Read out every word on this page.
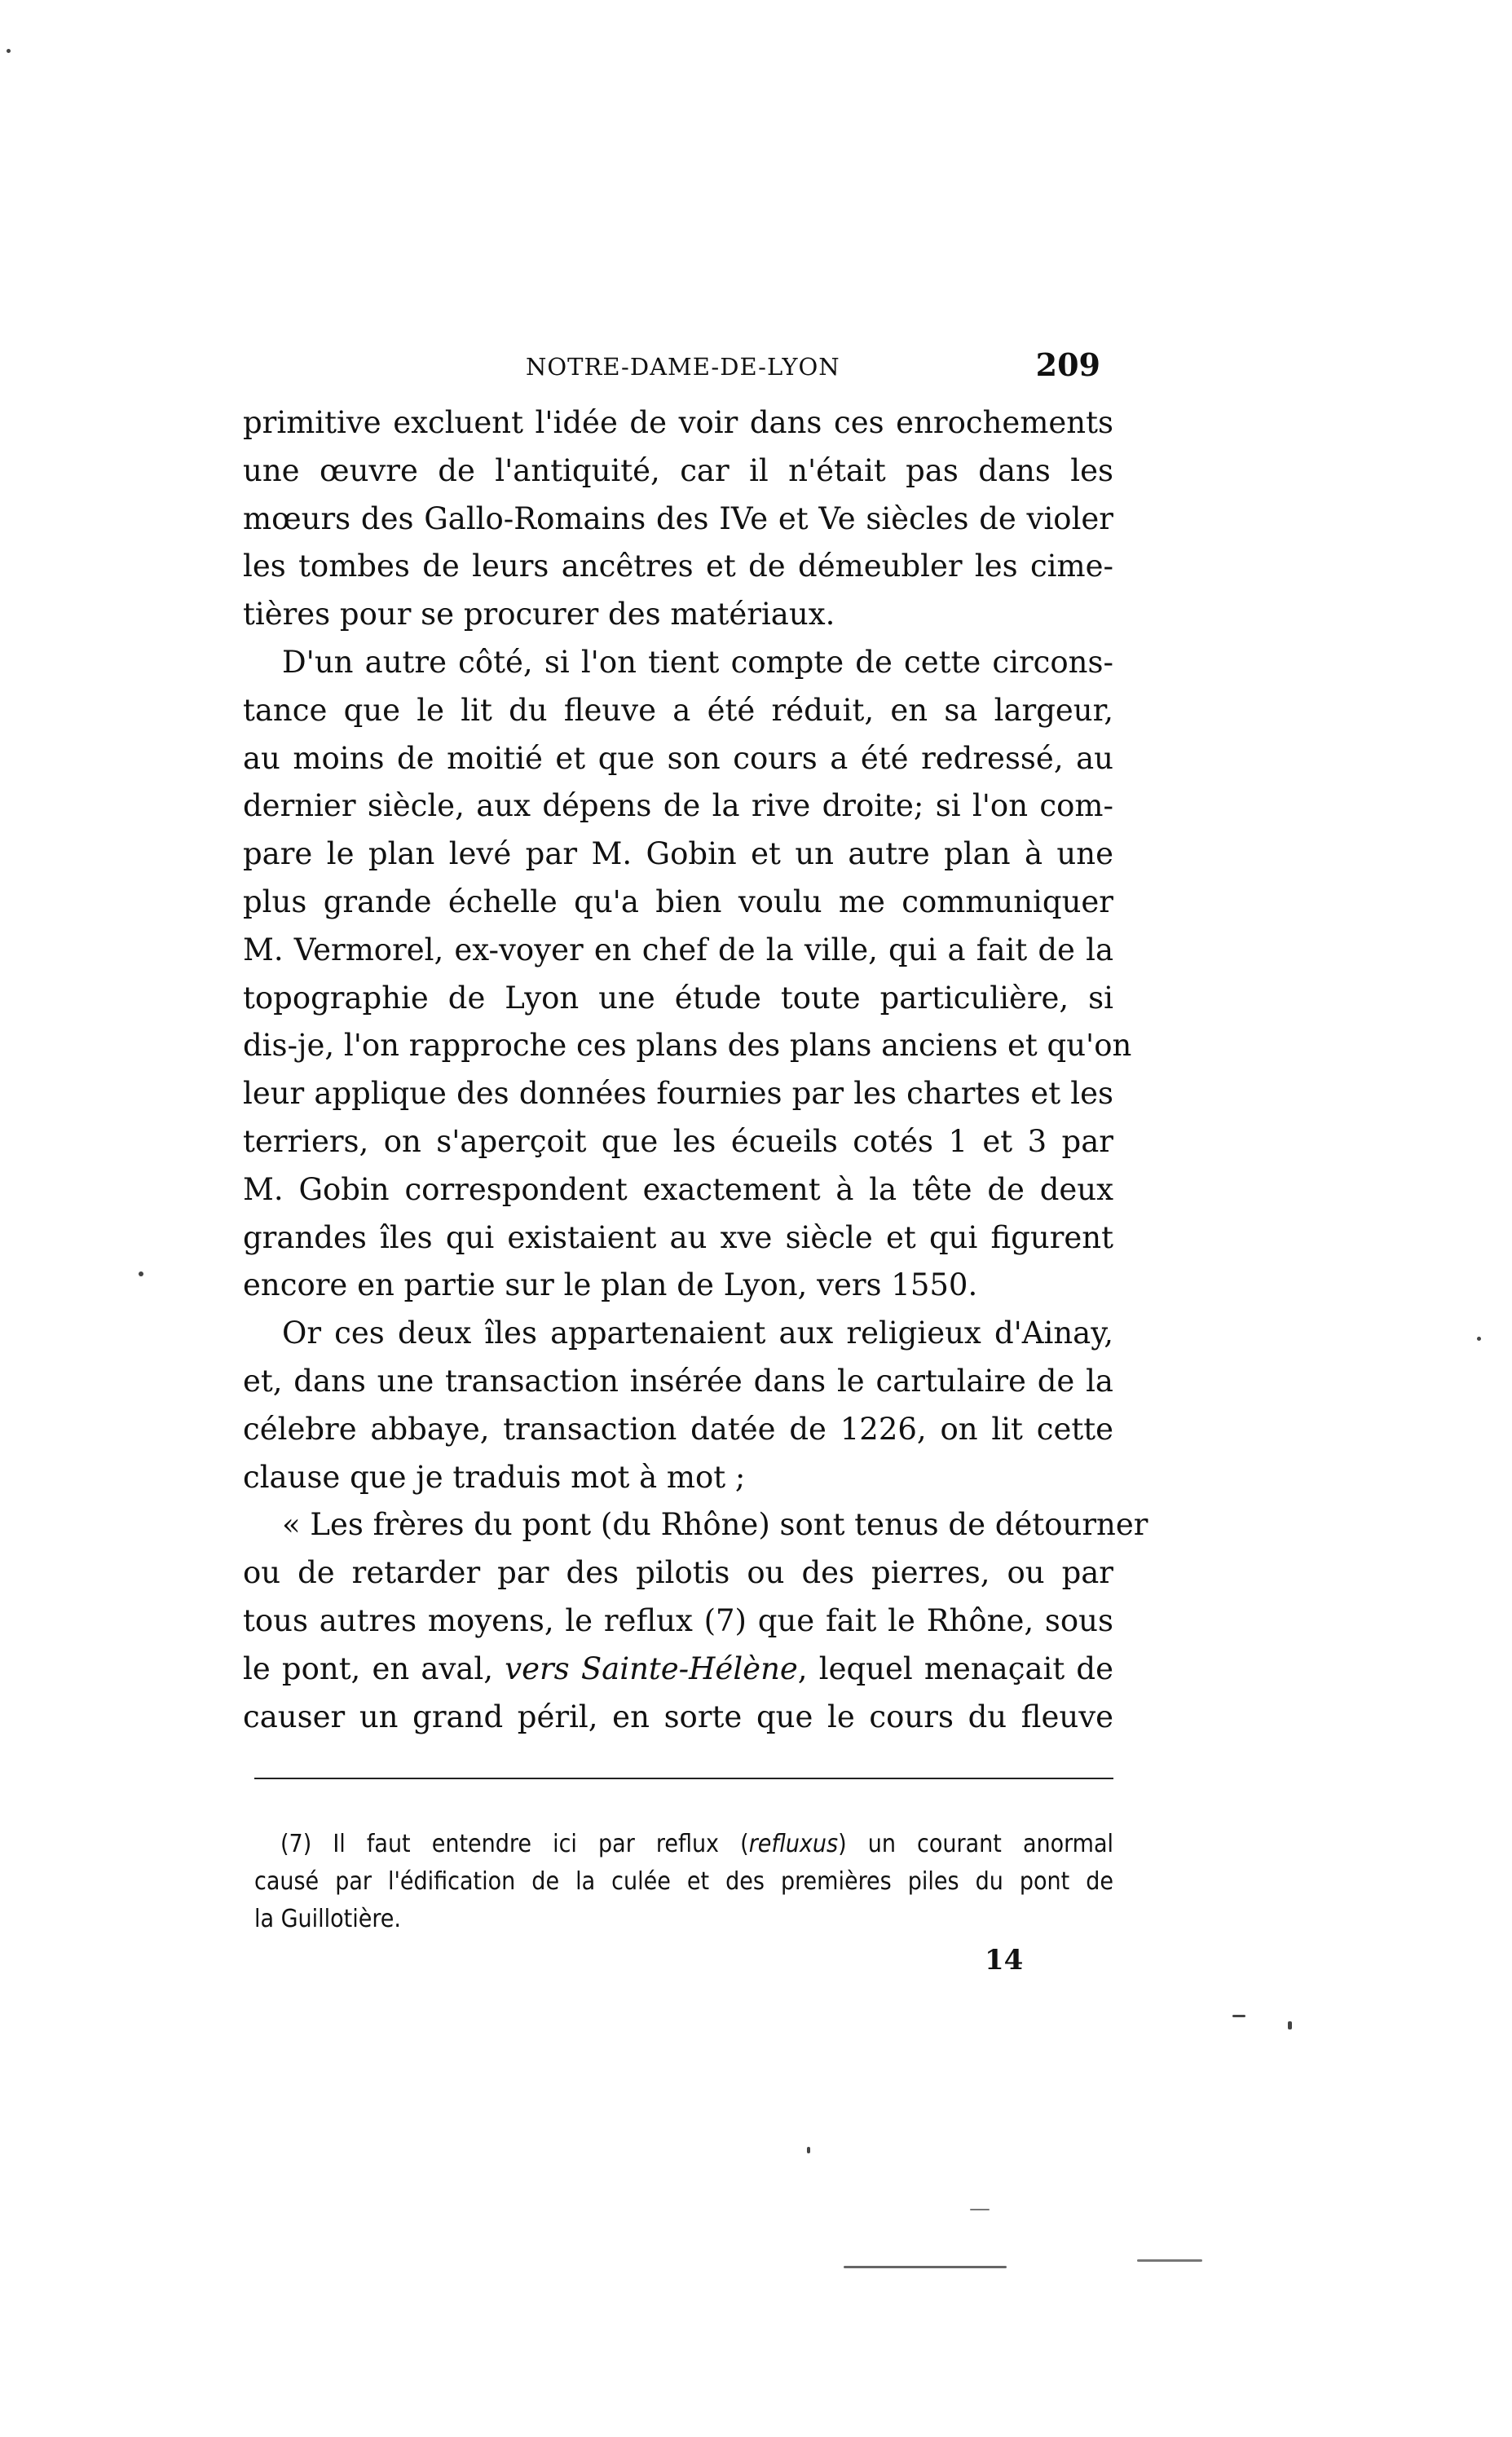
NOTRE-DAME-DE-LYON	209
primitive excluent l'idée de voir dans ces enrochements
une œuvre de l'antiquité, car il n'était pas dans les
mœurs des Gallo-Romains des IVe et Ve siècles de violer
les tombes de leurs ancêtres et de démeubler les cime-
tières pour se procurer des matériaux.
D'un autre côté, si l'on tient compte de cette circons-
tance que le lit du fleuve a été réduit, en sa largeur,
au moins de moitié et que son cours a été redressé, au
dernier siècle, aux dépens de la rive droite; si l'on com-
pare le plan levé par M. Gobin et un autre plan à une
plus grande échelle qu'a bien voulu me communiquer
M. Vermorel, ex-voyer en chef de la ville, qui a fait de la
topographie de Lyon une étude toute particulière, si
dis-je, l'on rapproche ces plans des plans anciens et qu'on
leur applique des données fournies par les chartes et les
terriers, on s'aperçoit que les écueils cotés 1 et 3 par
M. Gobin correspondent exactement à la tête de deux
grandes îles qui existaient au xve siècle et qui figurent
encore en partie sur le plan de Lyon, vers 1550.
Or ces deux îles appartenaient aux religieux d'Ainay,
et, dans une transaction insérée dans le cartulaire de la
célebre abbaye, transaction datée de 1226, on lit cette
clause que je traduis mot à mot ;
« Les frères du pont (du Rhône) sont tenus de détourner
ou de retarder par des pilotis ou des pierres, ou par
tous autres moyens, le reflux (7) que fait le Rhône, sous
le pont, en aval, vers Sainte-Hélène, lequel menaçait de
causer un grand péril, en sorte que le cours du fleuve
(7) Il faut entendre ici par reflux (refluxus) un courant anormal
causé par l'édification de la culée et des premières piles du pont de
la Guillotière.
14
